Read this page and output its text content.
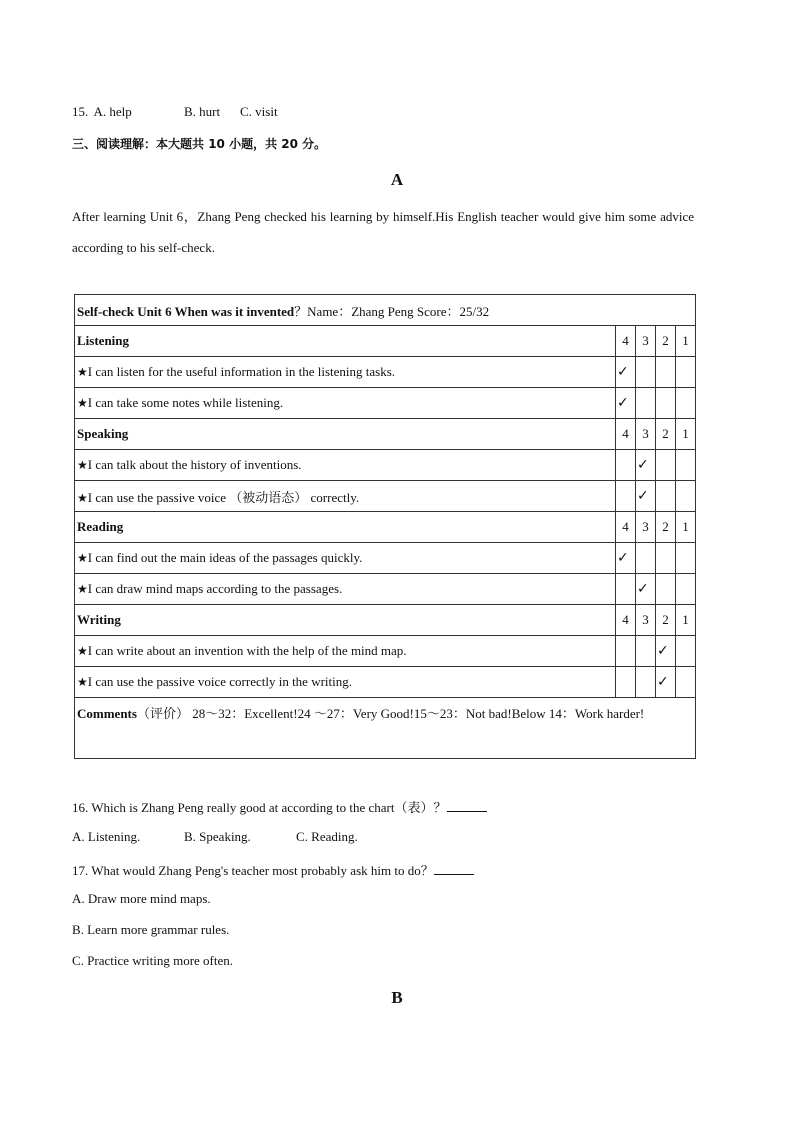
15. A. help	B. hurt C. visit
三、阅读理解：本大题共 10 小题，共 20 分。
A
After learning Unit 6，Zhang Peng checked his learning by himself.His English teacher would give him some advice according to his self-check.
Self-check Unit 6 When was it invented？Name：Zhang Peng Score：25/32				
Listening	4	3	2	1
★I can listen for the useful information in the listening tasks.	✓			
★I can take some notes while listening.	✓			
Speaking	4	3	2	1
★I can talk about the history of inventions.		✓		
★I can use the passive voice （被动语态） correctly.		✓		
Reading	4	3	2	1
★I can find out the main ideas of the passages quickly.	✓			
★I can draw mind maps according to the passages.		✓		
Writing	4	3	2	1
★I can write about an invention with the help of the mind map.			✓	
★I can use the passive voice correctly in the writing.			✓	
Comments（评价） 28～32：Excellent!24 ～27：Very Good!15～23：Not bad!Below 14：Work harder!				
16. Which is Zhang Peng really good at according to the chart（表）？
A. Listening.	B. Speaking.	C. Reading.
17. What would Zhang Peng's teacher most probably ask him to do？
A. Draw more mind maps.
B. Learn more grammar rules.
C. Practice writing more often.
B
